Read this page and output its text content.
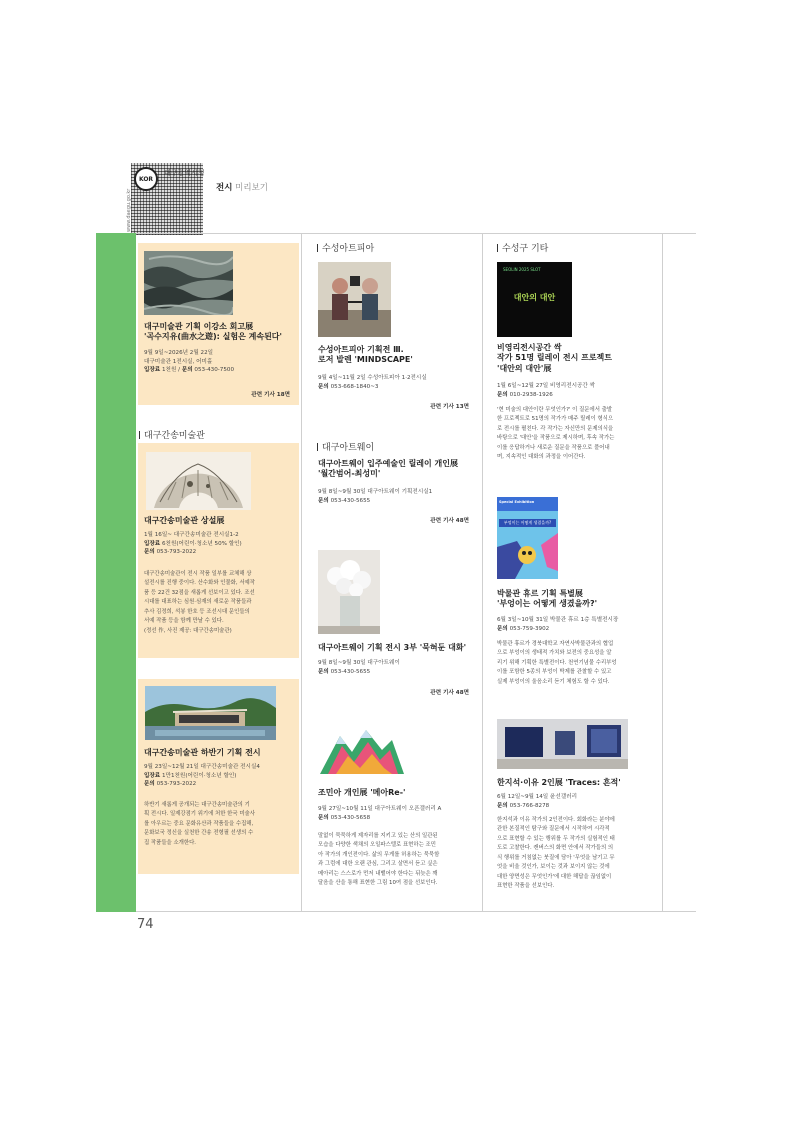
KOR
www.daegu.go.kr
대구광역시청
전시 미리보기
대구미술관 기획 이강소 회고展
'곡수지유(曲水之遊): 실험은 계속된다'
9월 9일~2026년 2월 22일
대구미술관 1전시실, 어미홀
입장료 1천원 / 문의 053-430-7500
관련 기사 18면
대구간송미술관
대구간송미술관 상설展
1월 16일~ 대구간송미술관 전시실1-2
입장료 6천원(어린이·청소년 50% 할인)
문의 053-793-2022
대구간송미술관이 전시 작품 일부를 교체해 상
설전시를 진행 중이다. 산수화와 인물화, 서예작
품 등 22건 32점을 새롭게 선보이고 있다. 조선
시대를 대표하는 심원·심재의 새로운 작품들과
추사 김정희, 석봉 한호 등 조선시대 문인들의
서예 작품 등을 함께 만날 수 있다.
(정선 作, 사진 제공: 대구간송미술관)
대구간송미술관 하반기 기획 전시
9월 23일~12월 21일 대구간송미술관 전시실4
입장료 1만1천원(어린이·청소년 할인)
문의 053-793-2022
하반기 새롭게 공개되는 대구간송미술관의 기
획 전시다. 일제강점기 위기에 처한 한국 미술사
를 아우르는 중요 문화유산과 작품들을 수집해,
문화보국 정신을 실천한 간송 전형필 선생의 수
집 작품들을 소개한다.
수성아트피아
수성아트피아 기획전 Ⅲ.
로저 발렌 'MINDSCAPE'
9월 4일~11월 2일 수성아트피아 1·2전시실
문의 053-668-1840~3
관련 기사 13면
대구아트웨이
대구아트웨이 입주예술인 릴레이 개인展
'월간범어-최성미'
9월 8일~9월 30일 대구아트웨이 기획전시실1
문의 053-430-5655
관련 기사 48면
대구아트웨이 기획 전시 3부 '묵혀둔 대화'
9월 8일~9월 30일 대구아트웨이
문의 053-430-5655
관련 기사 48면
조민아 개인展 '메아Re-'
9월 27일~10월 11일 대구아트웨이 오픈갤러리 A
문의 053-430-5658
말없이 묵묵하게 제자리를 지키고 있는 산의 일관된
모습을 다양한 색채의 오일파스텔로 표현하는 조민
아 작가의 개인전이다. 삶의 무게를 허용하는 묵묵함
과 그럼에 대한 오랜 관심, 그리고 살면서 듣고 싶은
메아리는 스스로가 먼저 내뱉어야 한다는 뒤늦은 깨
달음을 산을 통해 표현한 그림 10여 점을 선보인다.
수성구 기타
SEOLIN 2025 SLOT
대안의 대안
비영리전시공간 싹
작가 51명 릴레이 전시 프로젝트
'대안의 대안'展
1월 6일~12월 27일 비영리전시공간 싹
문의 010-2938-1926
'현 미술의 대안이란 무엇인가?' 이 질문에서 출발
한 프로젝트로 51명의 작가가 매주 릴레이 형식으
로 전시를 펼친다. 각 작가는 자신만의 문제의식을
바탕으로 '대안'을 작품으로 제시하며, 후속 작가는
이를 응답하거나 새로운 질문을 작품으로 풀어내
며, 지속적인 대화의 과정을 이어간다.
Special Exhibition
부엉이는 어떻게 생겼을까?
박물관 휴르 기획 특별展
'부엉이는 어떻게 생겼을까?'
6월 3일~10월 31일 박물관 휴르 1층 특별전시장
문의 053-759-3902
박물관 휴르가 경북대학교 자연사박물관과의 협업
으로 부엉이의 생태적 가치와 보전의 중요성을 알
리기 위해 기획한 특별전이다. 천연기념물 수리부엉
이를 포함한 5종의 부엉이 박제를 관찰할 수 있고
실제 부엉이의 울음소리 듣기 체험도 할 수 있다.
한지석·이유 2인展 'Traces: 흔적'
6월 12일~9월 14일 윤선갤러리
문의 053-766-8278
한지석과 이유 작가의 2인전이다. 회화라는 분야에
관한 본질적인 탐구와 질문에서 시작하여 시각적
으로 표현할 수 있는 행위를 두 작가의 실험적인 태
도로 고찰한다. 캔버스의 화면 안에서 작가들의 의
식 행위를 거침없는 붓질에 담아 '무엇을 남기고 무
엇을 비울 것인가, 보이는 것과 보이지 않는 것에
대한 양면성은 무엇인가'에 대한 해답을 끊임없이
표현한 작품을 선보인다.
74
